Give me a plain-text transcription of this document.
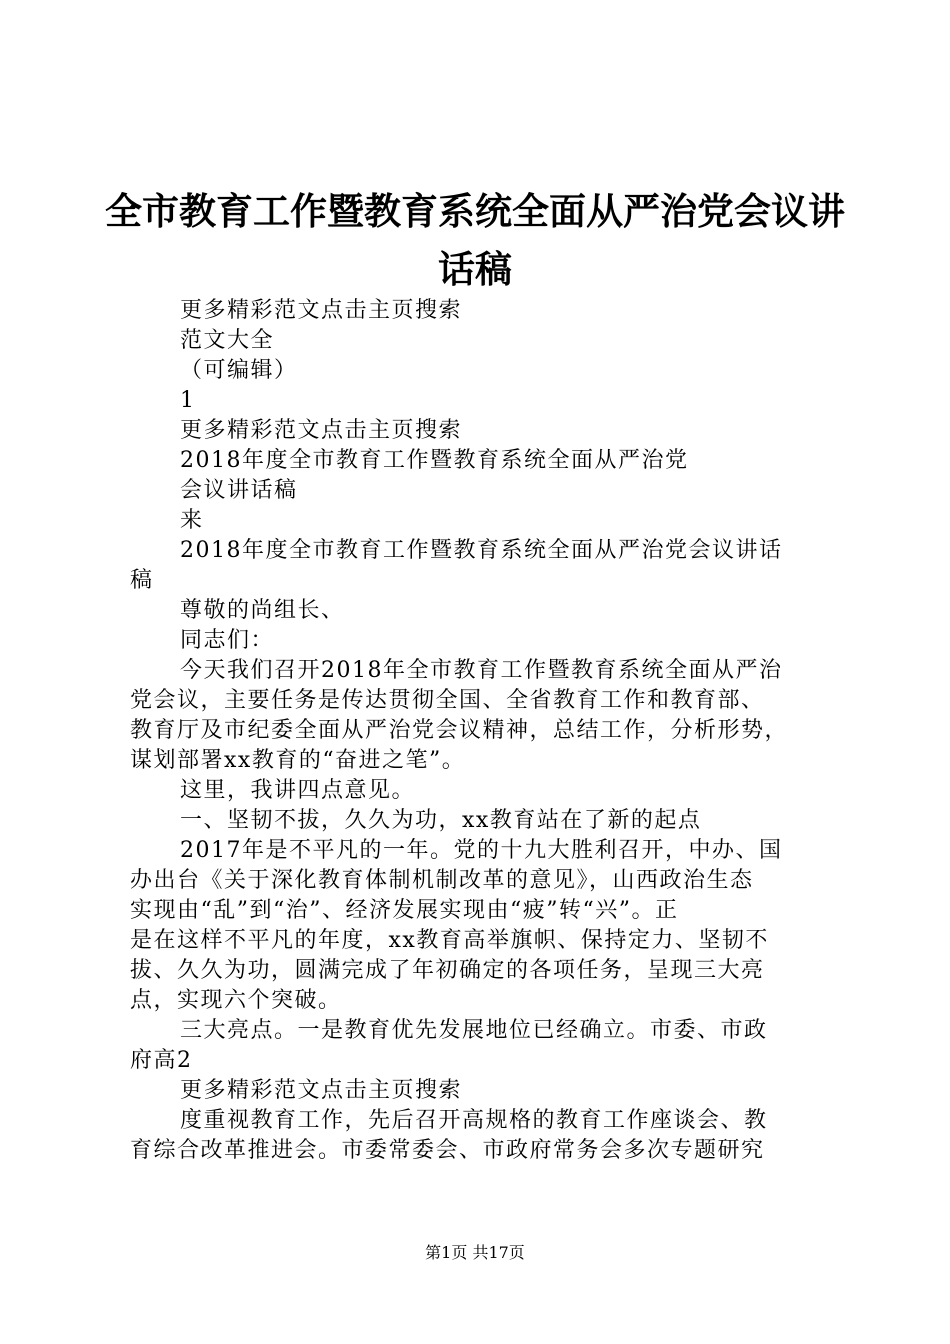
全市教育工作暨教育系统全面从严治党会议讲
话稿
更多精彩范文点击主页搜索
范文大全
（可编辑）
1
更多精彩范文点击主页搜索
2018年度全市教育工作暨教育系统全面从严治党
会议讲话稿
来
2018年度全市教育工作暨教育系统全面从严治党会议讲话
稿
尊敬的尚组长、
同志们：
今天我们召开2018年全市教育工作暨教育系统全面从严治
党会议，主要任务是传达贯彻全国、全省教育工作和教育部、
教育厅及市纪委全面从严治党会议精神，总结工作，分析形势，
谋划部署xx教育的“奋进之笔”。
这里，我讲四点意见。
一、坚韧不拔，久久为功，xx教育站在了新的起点
2017年是不平凡的一年。党的十九大胜利召开，中办、国
办出台《关于深化教育体制机制改革的意见》，山西政治生态
实现由“乱”到“治”、经济发展实现由“疲”转“兴”。正
是在这样不平凡的年度，xx教育高举旗帜、保持定力、坚韧不
拔、久久为功，圆满完成了年初确定的各项任务，呈现三大亮
点，实现六个突破。
三大亮点。一是教育优先发展地位已经确立。市委、市政
府高2
更多精彩范文点击主页搜索
度重视教育工作，先后召开高规格的教育工作座谈会、教
育综合改革推进会。市委常委会、市政府常务会多次专题研究
第1页 共17页
